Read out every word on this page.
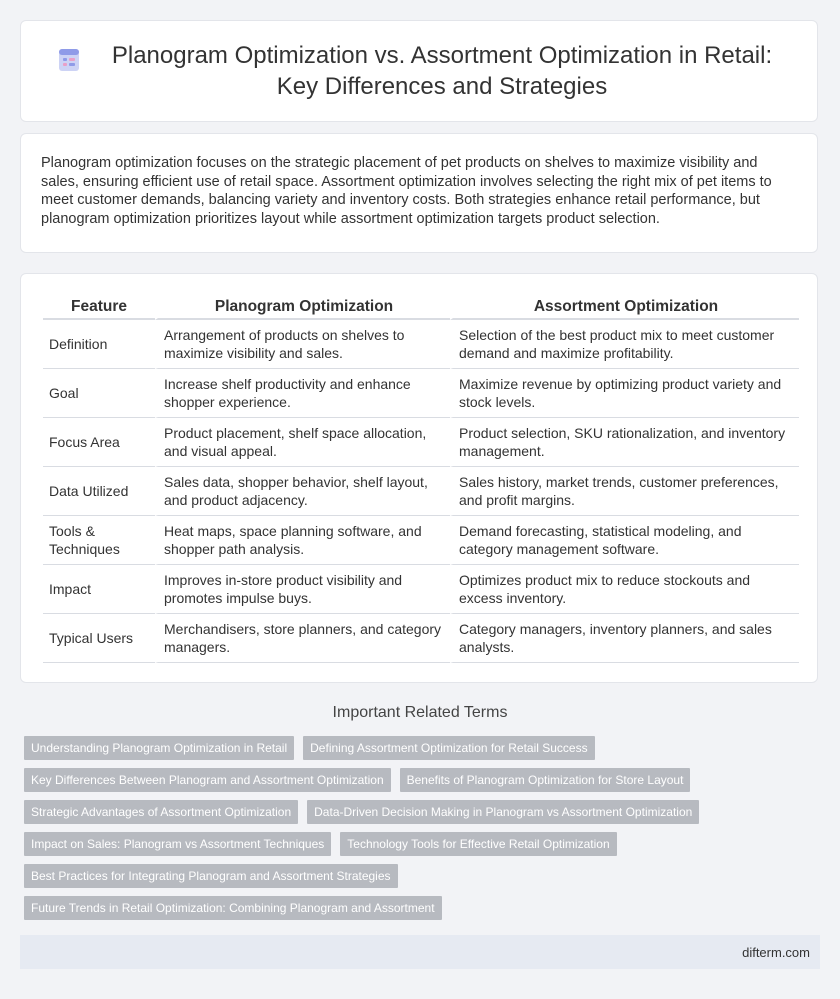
Planogram Optimization vs. Assortment Optimization in Retail: Key Differences and Strategies

Planogram optimization focuses on the strategic placement of pet products on shelves to maximize visibility and sales, ensuring efficient use of retail space. Assortment optimization involves selecting the right mix of pet items to meet customer demands, balancing variety and inventory costs. Both strategies enhance retail performance, but planogram optimization prioritizes layout while assortment optimization targets product selection.

Feature	Planogram Optimization	Assortment Optimization
Definition	Arrangement of products on shelves to maximize visibility and sales.	Selection of the best product mix to meet customer demand and maximize profitability.
Goal	Increase shelf productivity and enhance shopper experience.	Maximize revenue by optimizing product variety and stock levels.
Focus Area	Product placement, shelf space allocation, and visual appeal.	Product selection, SKU rationalization, and inventory management.
Data Utilized	Sales data, shopper behavior, shelf layout, and product adjacency.	Sales history, market trends, customer preferences, and profit margins.
Tools & Techniques	Heat maps, space planning software, and shopper path analysis.	Demand forecasting, statistical modeling, and category management software.
Impact	Improves in-store product visibility and promotes impulse buys.	Optimizes product mix to reduce stockouts and excess inventory.
Typical Users	Merchandisers, store planners, and category managers.	Category managers, inventory planners, and sales analysts.
Important Related Terms
Understanding Planogram Optimization in Retail	Defining Assortment Optimization for Retail Success
Key Differences Between Planogram and Assortment Optimization	Benefits of Planogram Optimization for Store Layout
Strategic Advantages of Assortment Optimization	Data-Driven Decision Making in Planogram vs Assortment Optimization
Impact on Sales: Planogram vs Assortment Techniques	Technology Tools for Effective Retail Optimization
Best Practices for Integrating Planogram and Assortment Strategies
Future Trends in Retail Optimization: Combining Planogram and Assortment
difterm.com
